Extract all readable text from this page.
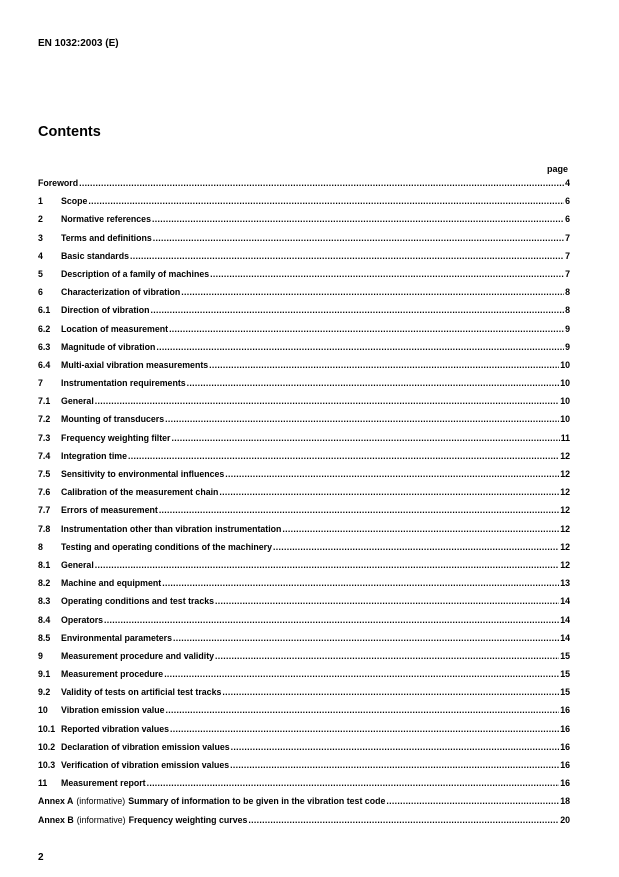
EN 1032:2003 (E)
Contents
page
Foreword .....	4
1	Scope .....	6
2	Normative references .....	6
3	Terms and definitions .....	7
4	Basic standards .....	7
5	Description of a family of machines .....	7
6	Characterization of vibration .....	8
6.1	Direction of vibration .....	8
6.2	Location of measurement .....	9
6.3	Magnitude of vibration .....	9
6.4	Multi-axial vibration measurements .....	10
7	Instrumentation requirements .....	10
7.1	General .....	10
7.2	Mounting of transducers .....	10
7.3	Frequency weighting filter .....	11
7.4	Integration time .....	12
7.5	Sensitivity to environmental influences .....	12
7.6	Calibration of the measurement chain .....	12
7.7	Errors of measurement .....	12
7.8	Instrumentation other than vibration instrumentation .....	12
8	Testing and operating conditions of the machinery .....	12
8.1	General .....	12
8.2	Machine and equipment .....	13
8.3	Operating conditions and test tracks .....	14
8.4	Operators .....	14
8.5	Environmental parameters .....	14
9	Measurement procedure and validity .....	15
9.1	Measurement procedure .....	15
9.2	Validity of tests on artificial test tracks .....	15
10	Vibration emission value .....	16
10.1 Reported vibration values .....	16
10.2 Declaration of vibration emission values .....	16
10.3 Verification of vibration emission values .....	16
11	Measurement report .....	16
Annex A (informative) Summary of information to be given in the vibration test code .....	18
Annex B (informative) Frequency weighting curves .....	20
2
